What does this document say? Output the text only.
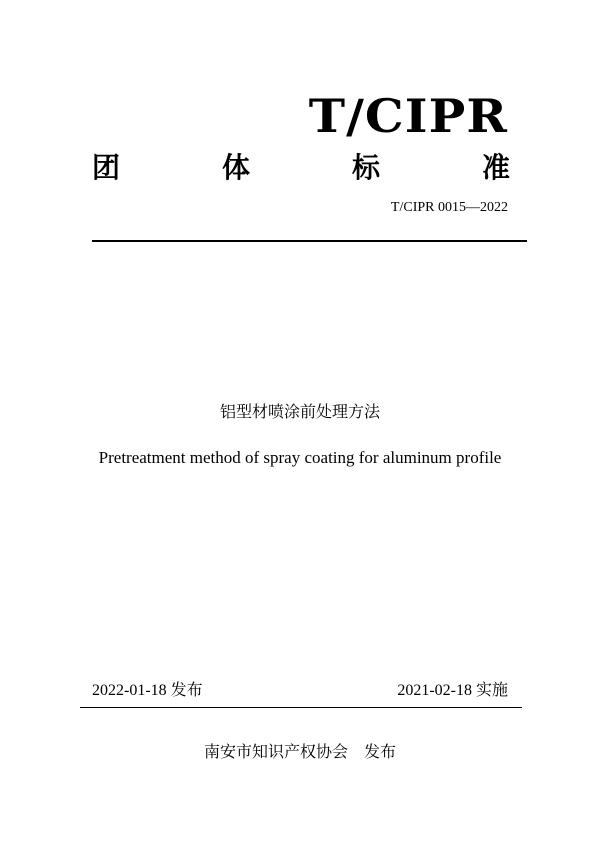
T/CIPR
团	体	标	准
T/CIPR 0015—2022
铝型材喷涂前处理方法
Pretreatment method of spray coating for aluminum profile
2022-01-18 发布	2021-02-18 实施
南安市知识产权协会　发布
